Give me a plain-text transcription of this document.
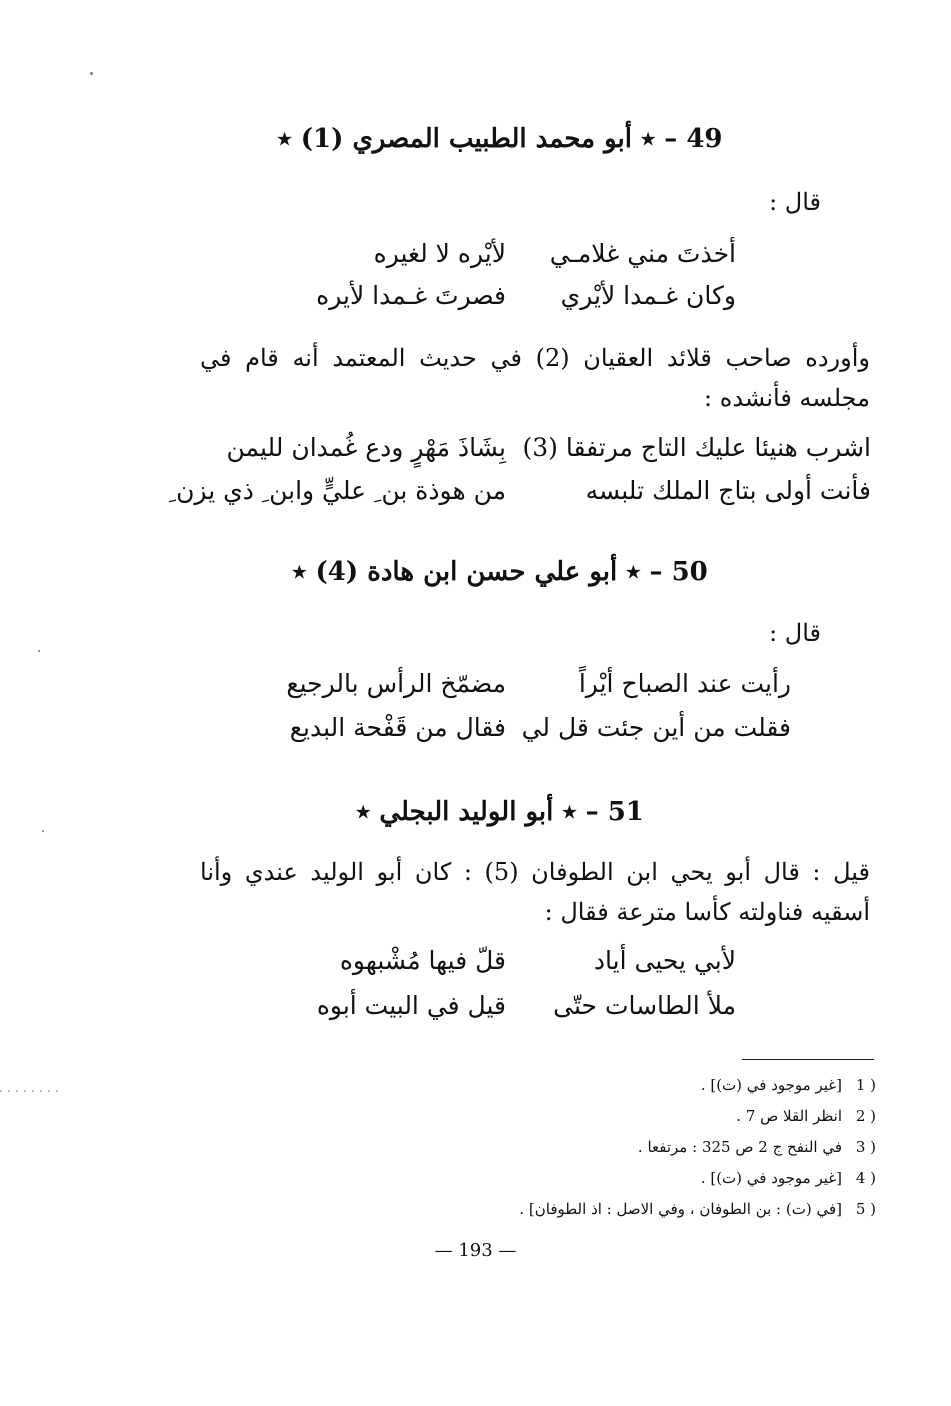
49 – ٭ أبو محمد الطبيب المصري (1) ٭
قال :
أخذتَ مني غلامـي
لأيْره لا لغيره
وكان غـمدا لأيْري
فصرتَ غـمدا لأيره
وأورده صاحب قلائد العقيان (2) في حديث المعتمد أنه قام في مجلسه فأنشده :
اشرب هنيئا عليك التاج مرتفقا (3)
بِشَاذَ مَهْرٍ ودع غُمدان لليمن
فأنت أولى بتاج الملك تلبسه
من هوذة بن ِ عليٍّ وابن ِ ذي يزن ِ
50 – ٭ أبو علي حسن ابن هادة (4) ٭
قال :
رأيت عند الصباح أيْراً
مضمّخ الرأس بالرجيع
فقلت من أين جئت قل لي
فقال من قَفْحة البديع
51 – ٭ أبو الوليد البجلي ٭
قيل : قال أبو يحي ابن الطوفان (5) : كان أبو الوليد عندي وأنا أسقيه فناولته كأسا مترعة فقال :
لأبي يحيى أياد
قلّ فيها مُشْبهوه
ملأ الطاسات حتّى
قيل في البيت أبوه
1 )
[غير موجود في (ت)] .
2 )
انظر القلا ص 7 .
3 )
في النفح ج 2 ص 325 : مرتفعا .
4 )
[غير موجود في (ت)] .
5 )
[في (ت) : بن الطوفان ، وفي الاصل : اذ الطوفان] .
— 193 —
